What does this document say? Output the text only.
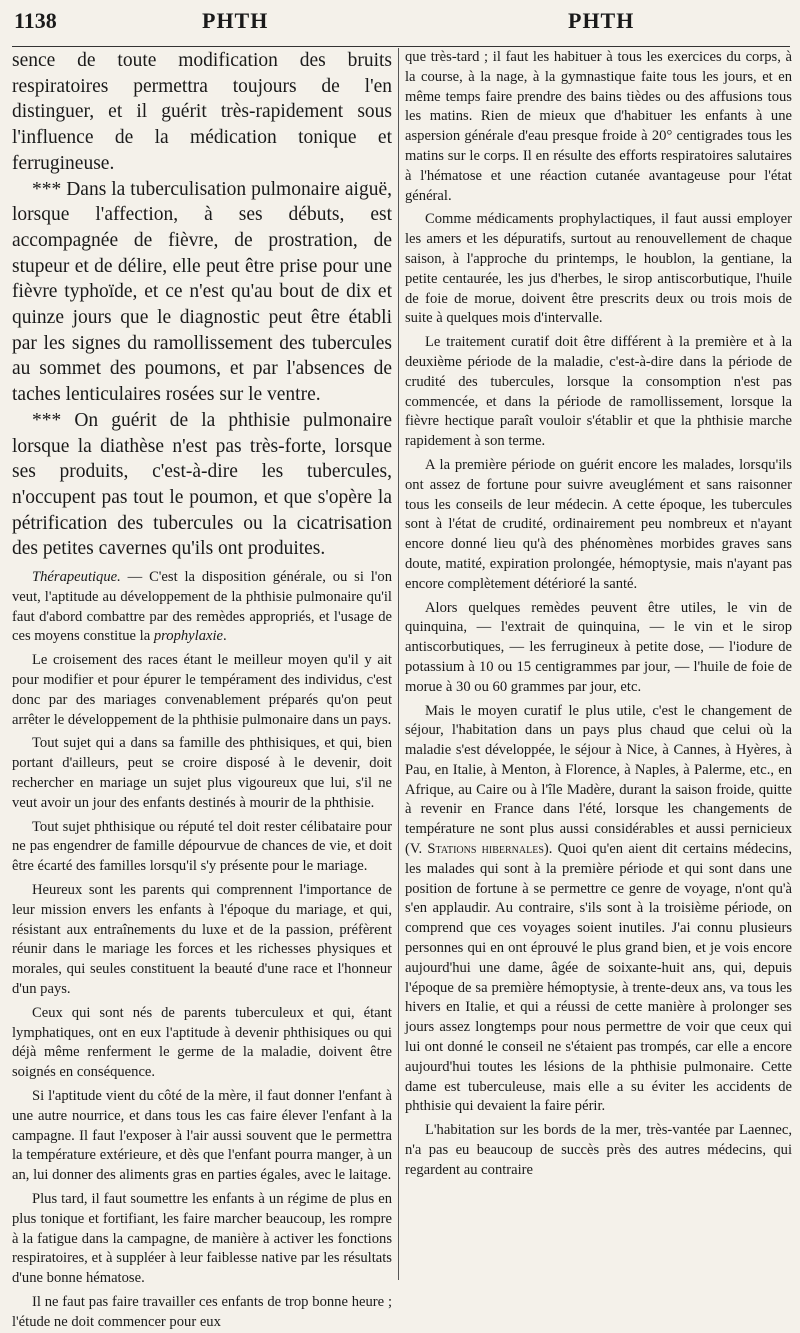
1138	PHTH	PHTH

sence de toute modification des bruits respiratoires permettra toujours de l'en distinguer, et il guérit très-rapidement sous l'influence de la médication tonique et ferrugineuse.

*** Dans la tuberculisation pulmonaire aiguë, lorsque l'affection, à ses débuts, est accompagnée de fièvre, de prostration, de stupeur et de délire, elle peut être prise pour une fièvre typhoïde, et ce n'est qu'au bout de dix et quinze jours que le diagnostic peut être établi par les signes du ramollissement des tubercules au sommet des poumons, et par l'absences de taches lenticulaires rosées sur le ventre.

*** On guérit de la phthisie pulmonaire lorsque la diathèse n'est pas très-forte, lorsque ses produits, c'est-à-dire les tubercules, n'occupent pas tout le poumon, et que s'opère la pétrification des tubercules ou la cicatrisation des petites cavernes qu'ils ont produites.

Thérapeutique. — C'est la disposition générale, ou si l'on veut, l'aptitude au développement de la phthisie pulmonaire qu'il faut d'abord combattre par des remèdes appropriés, et l'usage de ces moyens constitue la prophylaxie.

Le croisement des races étant le meilleur moyen qu'il y ait pour modifier et pour épurer le tempérament des individus, c'est donc par des mariages convenablement préparés qu'on peut arrêter le développement de la phthisie pulmonaire dans un pays.

Tout sujet qui a dans sa famille des phthisiques, et qui, bien portant d'ailleurs, peut se croire disposé à le devenir, doit rechercher en mariage un sujet plus vigoureux que lui, s'il ne veut avoir un jour des enfants destinés à mourir de la phthisie.

Tout sujet phthisique ou réputé tel doit rester célibataire pour ne pas engendrer de famille dépourvue de chances de vie, et doit être écarté des familles lorsqu'il s'y présente pour le mariage.

Heureux sont les parents qui comprennent l'importance de leur mission envers les enfants à l'époque du mariage, et qui, résistant aux entraînements du luxe et de la passion, préfèrent réunir dans le mariage les forces et les richesses physiques et morales, qui seules constituent la beauté d'une race et l'honneur d'un pays.

Ceux qui sont nés de parents tuberculeux et qui, étant lymphatiques, ont en eux l'aptitude à devenir phthisiques ou qui déjà même renferment le germe de la maladie, doivent être soignés en conséquence.

Si l'aptitude vient du côté de la mère, il faut donner l'enfant à une autre nourrice, et dans tous les cas faire élever l'enfant à la campagne. Il faut l'exposer à l'air aussi souvent que le permettra la température extérieure, et dès que l'enfant pourra manger, à un an, lui donner des aliments gras en parties égales, avec le laitage.

Plus tard, il faut soumettre les enfants à un régime de plus en plus tonique et fortifiant, les faire marcher beaucoup, les rompre à la fatigue dans la campagne, de manière à activer les fonctions respiratoires, et à suppléer à leur faiblesse native par les résultats d'une bonne hématose.

Il ne faut pas faire travailler ces enfants de trop bonne heure ; l'étude ne doit commencer pour eux

que très-tard ; il faut les habituer à tous les exercices du corps, à la course, à la nage, à la gymnastique faite tous les jours, et en même temps faire prendre des bains tièdes ou des affusions tous les matins. Rien de mieux que d'habituer les enfants à une aspersion générale d'eau presque froide à 20° centigrades tous les matins sur le corps. Il en résulte des efforts respiratoires salutaires à l'hématose et une réaction cutanée avantageuse pour l'état général.

Comme médicaments prophylactiques, il faut aussi employer les amers et les dépuratifs, surtout au renouvellement de chaque saison, à l'approche du printemps, le houblon, la gentiane, la petite centaurée, les jus d'herbes, le sirop antiscorbutique, l'huile de foie de morue, doivent être prescrits deux ou trois mois de suite à quelques mois d'intervalle.

Le traitement curatif doit être différent à la première et à la deuxième période de la maladie, c'est-à-dire dans la période de crudité des tubercules, lorsque la consomption n'est pas commencée, et dans la période de ramollissement, lorsque la fièvre hectique paraît vouloir s'établir et que la phthisie marche rapidement à son terme.

A la première période on guérit encore les malades, lorsqu'ils ont assez de fortune pour suivre aveuglément et sans raisonner tous les conseils de leur médecin. A cette époque, les tubercules sont à l'état de crudité, ordinairement peu nombreux et n'ayant encore donné lieu qu'à des phénomènes morbides graves sans doute, matité, expiration prolongée, hémoptysie, mais n'ayant pas encore complètement détérioré la santé.

Alors quelques remèdes peuvent être utiles, le vin de quinquina, — l'extrait de quinquina, — le vin et le sirop antiscorbutiques, — les ferrugineux à petite dose, — l'iodure de potassium à 10 ou 15 centigrammes par jour, — l'huile de foie de morue à 30 ou 60 grammes par jour, etc.

Mais le moyen curatif le plus utile, c'est le changement de séjour, l'habitation dans un pays plus chaud que celui où la maladie s'est développée, le séjour à Nice, à Cannes, à Hyères, à Pau, en Italie, à Menton, à Florence, à Naples, à Palerme, etc., en Afrique, au Caire ou à l'île Madère, durant la saison froide, quitte à revenir en France dans l'été, lorsque les changements de température ne sont plus aussi considérables et aussi pernicieux (V. Stations hibernales). Quoi qu'en aient dit certains médecins, les malades qui sont à la première période et qui sont dans une position de fortune à se permettre ce genre de voyage, n'ont qu'à s'en applaudir. Au contraire, s'ils sont à la troisième période, on comprend que ces voyages soient inutiles. J'ai connu plusieurs personnes qui en ont éprouvé le plus grand bien, et je vois encore aujourd'hui une dame, âgée de soixante-huit ans, qui, depuis l'époque de sa première hémoptysie, à trente-deux ans, va tous les hivers en Italie, et qui a réussi de cette manière à prolonger ses jours assez longtemps pour nous permettre de voir que ceux qui lui ont donné le conseil ne s'étaient pas trompés, car elle a encore aujourd'hui toutes les lésions de la phthisie pulmonaire. Cette dame est tuberculeuse, mais elle a su éviter les accidents de phthisie qui devaient la faire périr.

L'habitation sur les bords de la mer, très-vantée par Laennec, n'a pas eu beaucoup de succès près des autres médecins, qui regardent au contraire
